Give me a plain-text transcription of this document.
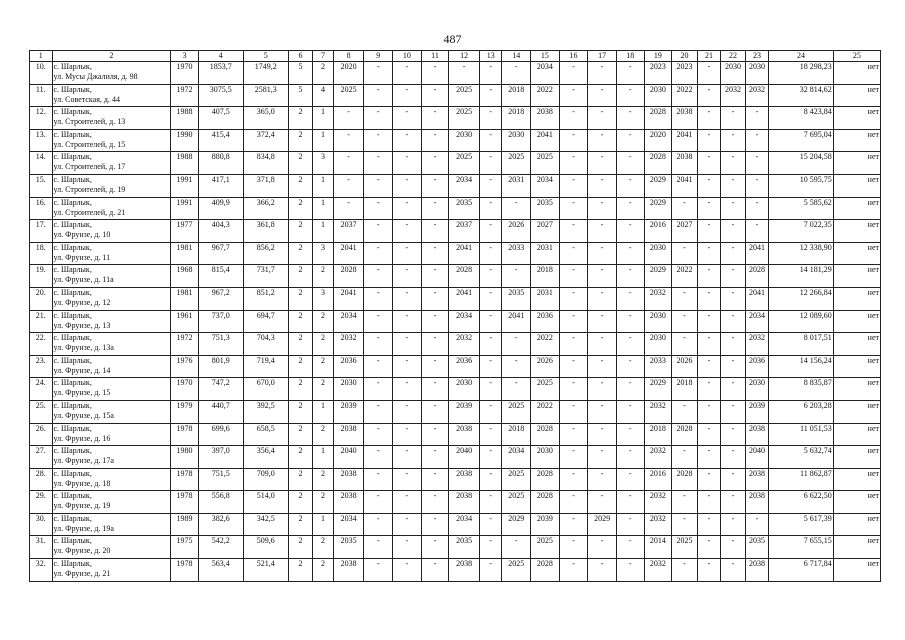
487
1	2	3	4	5	6	7	8	9	10	11	12	13	14	15	16	17	18	19	20	21	22	23	24	25
10.	с. Шарлык,
ул. Мусы Джалиля, д. 98	1970	1853,7	1749,2	5	2	2020	-	-	-	-	-	-	2034	-	-	-	2023	2023	-	2030	2030	18 298,23	нет
11.	с. Шарлык,
ул. Советская, д. 44	1972	3075,5	2581,3	5	4	2025	-	-	-	2025	-	2018	2022	-	-	-	2030	2022	-	2032	2032	32 814,62	нет
12.	с. Шарлык,
ул. Строителей, д. 13	1988	407,5	365,0	2	1	-	-	-	-	2025	-	2018	2038	-	-	-	2028	2038	-	-	-	8 423,84	нет
13.	с. Шарлык,
ул. Строителей, д. 15	1990	415,4	372,4	2	1	-	-	-	-	2030	-	2030	2041	-	-	-	2020	2041	-	-	-	7 695,04	нет
14.	с. Шарлык,
ул. Строителей, д. 17	1988	880,8	834,8	2	3	-	-	-	-	2025	-	2025	2025	-	-	-	2028	2038	-	-	-	15 204,58	нет
15.	с. Шарлык,
ул. Строителей, д. 19	1991	417,1	371,8	2	1	-	-	-	-	2034	-	2031	2034	-	-	-	2029	2041	-	-	-	10 595,75	нет
16.	с. Шарлык,
ул. Строителей, д. 21	1991	409,9	366,2	2	1	-	-	-	-	2035	-	-	2035	-	-	-	2029	-	-	-	-	5 585,62	нет
17.	с. Шарлык,
ул. Фрунзе, д. 10	1977	404,3	361,8	2	1	2037	-	-	-	2037	-	2026	2027	-	-	-	2016	2027	-	-	-	7 022,35	нет
18.	с. Шарлык,
ул. Фрунзе, д. 11	1981	967,7	856,2	2	3	2041	-	-	-	2041	-	2033	2031	-	-	-	2030	-	-	-	2041	12 338,90	нет
19.	с. Шарлык,
ул. Фрунзе, д. 11а	1968	815,4	731,7	2	2	2028	-	-	-	2028	-	-	2018	-	-	-	2029	2022	-	-	2028	14 181,29	нет
20.	с. Шарлык,
ул. Фрунзе, д. 12	1981	967,2	851,2	2	3	2041	-	-	-	2041	-	2035	2031	-	-	-	2032	-	-	-	2041	12 266,84	нет
21.	с. Шарлык,
ул. Фрунзе, д. 13	1961	737,0	694,7	2	2	2034	-	-	-	2034	-	2041	2036	-	-	-	2030	-	-	-	2034	12 089,60	нет
22.	с. Шарлык,
ул. Фрунзе, д. 13а	1972	751,3	704,3	2	2	2032	-	-	-	2032	-	-	2022	-	-	-	2030	-	-	-	2032	8 017,51	нет
23.	с. Шарлык,
ул. Фрунзе, д. 14	1976	801,9	719,4	2	2	2036	-	-	-	2036	-	-	2026	-	-	-	2033	2026	-	-	2036	14 156,24	нет
24.	с. Шарлык,
ул. Фрунзе, д. 15	1970	747,2	670,0	2	2	2030	-	-	-	2030	-	-	2025	-	-	-	2029	2018	-	-	2030	8 835,87	нет
25.	с. Шарлык,
ул. Фрунзе, д. 15а	1979	440,7	392,5	2	1	2039	-	-	-	2039	-	2025	2022	-	-	-	2032	-	-	-	2039	6 203,28	нет
26.	с. Шарлык,
ул. Фрунзе, д. 16	1978	699,6	658,5	2	2	2038	-	-	-	2038	-	2018	2028	-	-	-	2018	2028	-	-	2038	11 051,53	нет
27.	с. Шарлык,
ул. Фрунзе, д. 17а	1980	397,0	356,4	2	1	2040	-	-	-	2040	-	2034	2030	-	-	-	2032	-	-	-	2040	5 632,74	нет
28.	с. Шарлык,
ул. Фрунзе, д. 18	1978	751,5	709,0	2	2	2038	-	-	-	2038	-	2025	2028	-	-	-	2016	2028	-	-	2038	11 862,87	нет
29.	с. Шарлык,
ул. Фрунзе, д. 19	1978	556,8	514,0	2	2	2038	-	-	-	2038	-	2025	2028	-	-	-	2032	-	-	-	2038	6 622,50	нет
30.	с. Шарлык,
ул. Фрунзе, д. 19а	1989	382,6	342,5	2	1	2034	-	-	-	2034	-	2029	2039	-	2029	-	2032	-	-	-	-	5 617,39	нет
31.	с. Шарлык,
ул. Фрунзе, д. 20	1975	542,2	509,6	2	2	2035	-	-	-	2035	-	-	2025	-	-	-	2014	2025	-	-	2035	7 655,15	нет
32.	с. Шарлык,
ул. Фрунзе, д. 21	1978	563,4	521,4	2	2	2038	-	-	-	2038	-	2025	2028	-	-	-	2032	-	-	-	2038	6 717,84	нет
